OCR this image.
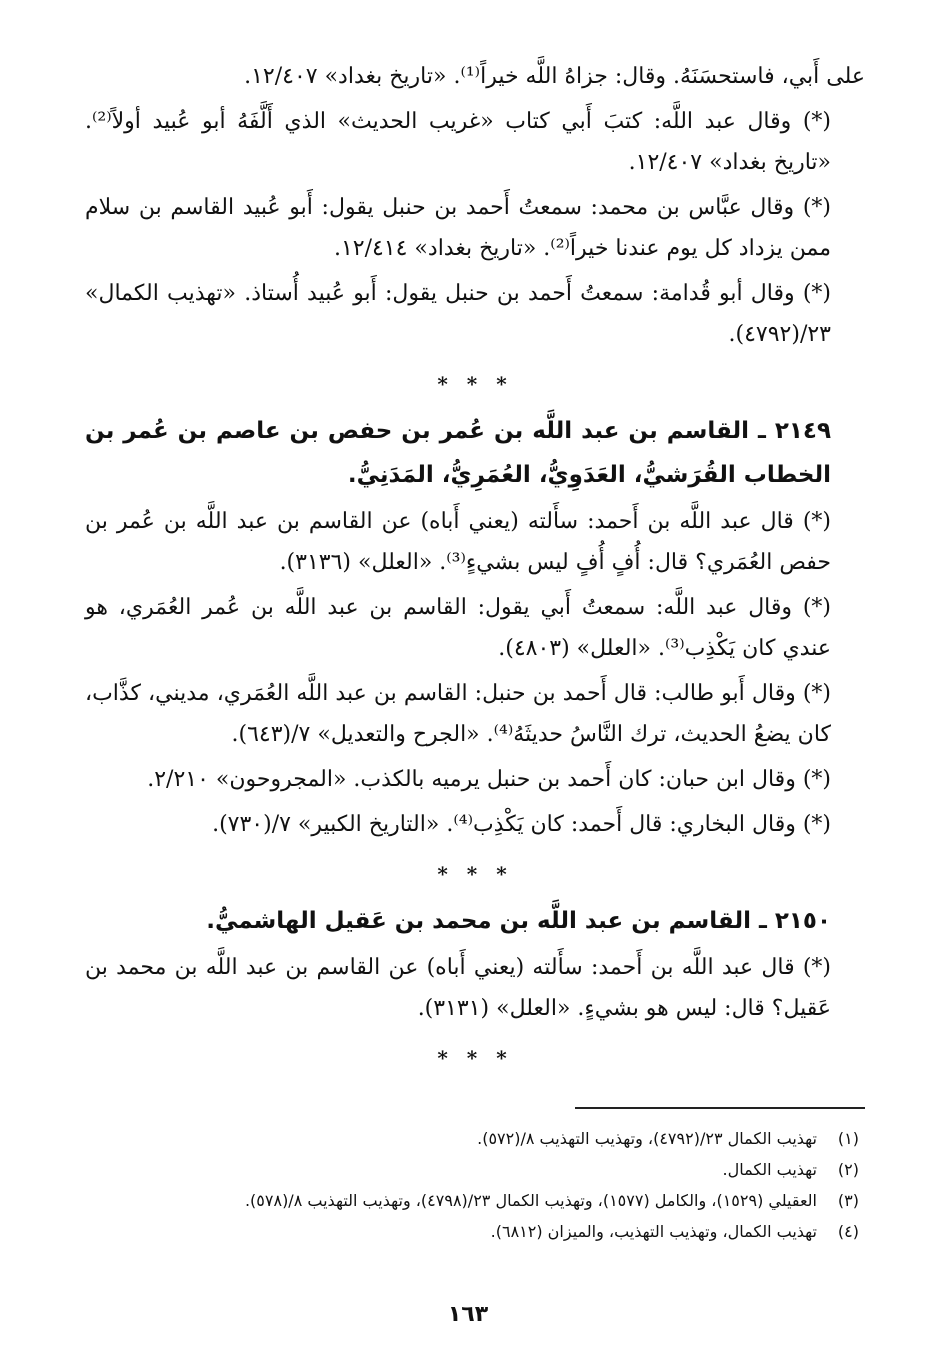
على أَبي، فاستحسَنَهُ. وقال: جزاهُ اللَّه خيراً⁽¹⁾. «تاريخ بغداد» ١٢/٤٠٧.

(*) وقال عبد اللَّه: كتبَ أَبي كتاب «غريب الحديث» الذي أَلَّفَهُ أبو عُبيد أولاً⁽²⁾. «تاريخ بغداد» ١٢/٤٠٧.

(*) وقال عبَّاس بن محمد: سمعتُ أَحمد بن حنبل يقول: أَبو عُبيد القاسم بن سلام ممن يزداد كل يوم عندنا خيراً⁽²⁾. «تاريخ بغداد» ١٢/٤١٤.

(*) وقال أبو قُدامة: سمعتُ أَحمد بن حنبل يقول: أَبو عُبيد أُستاذ. «تهذيب الكمال» ٢٣/(٤٧٩٢).

* * *

٢١٤٩ ـ القاسم بن عبد اللَّه بن عُمر بن حفص بن عاصم بن عُمر بن الخطاب القُرَشيُّ، العَدَوِيُّ، العُمَرِيُّ، المَدَنِيُّ.

(*) قال عبد اللَّه بن أَحمد: سأَلته (يعني أَباه) عن القاسم بن عبد اللَّه بن عُمر بن حفص العُمَري؟ قال: أُفٍ أُفٍ ليس بشيءٍ⁽³⁾. «العلل» (٣١٣٦).

(*) وقال عبد اللَّه: سمعتُ أَبي يقول: القاسم بن عبد اللَّه بن عُمر العُمَري، هو عندي كان يَكْذِب⁽³⁾. «العلل» (٤٨٠٣).

(*) وقال أَبو طالب: قال أَحمد بن حنبل: القاسم بن عبد اللَّه العُمَري، مديني، كذَّاب، كان يضعُ الحديث، ترك النَّاسُ حديثَهُ⁽⁴⁾. «الجرح والتعديل» ٧/(٦٤٣).

(*) وقال ابن حبان: كان أَحمد بن حنبل يرميه بالكذب. «المجروحون» ٢/٢١٠.

(*) وقال البخاري: قال أَحمد: كان يَكْذِب⁽⁴⁾. «التاريخ الكبير» ٧/(٧٣٠).

* * *

٢١٥٠ ـ القاسم بن عبد اللَّه بن محمد بن عَقيل الهاشميُّ.

(*) قال عبد اللَّه بن أَحمد: سأَلته (يعني أَباه) عن القاسم بن عبد اللَّه بن محمد بن عَقيل؟ قال: ليس هو بشيءٍ. «العلل» (٣١٣١).

* * *
(١)تهذيب الكمال ٢٣/(٤٧٩٢)، وتهذيب التهذيب ٨/(٥٧٢).
(٢)تهذيب الكمال.
(٣)العقيلي (١٥٢٩)، والكامل (١٥٧٧)، وتهذيب الكمال ٢٣/(٤٧٩٨)، وتهذيب التهذيب ٨/(٥٧٨).
(٤)تهذيب الكمال، وتهذيب التهذيب، والميزان (٦٨١٢).
١٦٣
